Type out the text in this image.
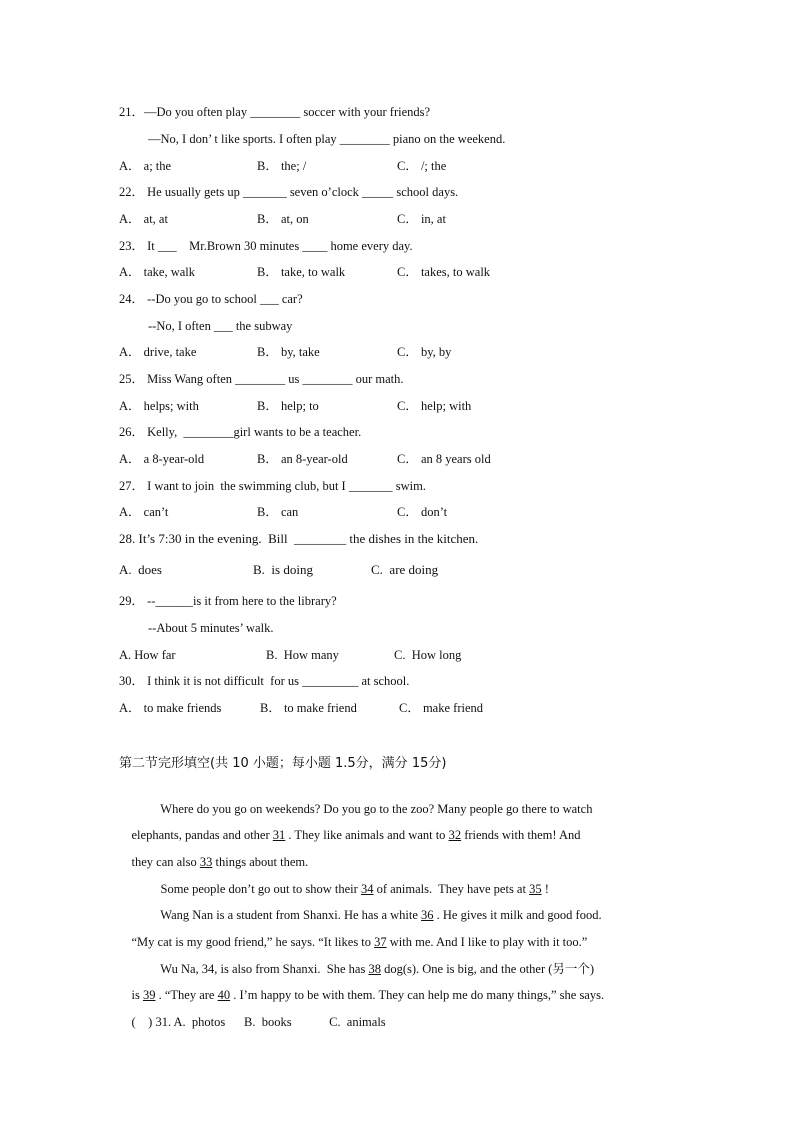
21．—Do you often play ________ soccer with your friends?
—No, I don’ t like sports. I often play ________ piano on the weekend.
A． a; the	B． the; /	C． /; the
22． He usually gets up _______ seven o’clock _____ school days.
A． at, at	B． at, on	C． in, at
23． It ___    Mr.Brown 30 minutes ____ home every day.
A． take, walk	B． take, to walk	C． takes, to walk
24． --Do you go to school ___ car?
--No, I often ___ the subway
A． drive, take	B． by, take	C． by, by
25． Miss Wang often ________ us ________ our math.
A． helps; with	B． help; to	C． help; with
26． Kelly,  ________girl wants to be a teacher.
A． a 8-year-old	B． an 8-year-old	C． an 8 years old
27． I want to join  the swimming club, but I _______ swim.
A． can’t	B． can	C． don’t
28. It’s 7:30 in the evening.  Bill  ________ the dishes in the kitchen.
A.  does	B.  is doing	C.  are doing
29． --______is it from here to the library?
--About 5 minutes’ walk.
A. How far	B.  How many	C.  How long
30． I think it is not difficult  for us _________ at school.
A． to make friends	B． to make friend	C． make friend
第二节完形填空(共 10 小题；每小题 1.5分，满分 15分)

Where do you go on weekends? Do you go to the zoo? Many people go there to watch

elephants, pandas and other 31 . They like animals and want to 32 friends with them! And

they can also 33 things about them.

Some people don’t go out to show their 34 of animals.  They have pets at 35 !

Wang Nan is a student from Shanxi. He has a white 36 . He gives it milk and good food.

“My cat is my good friend,” he says. “It likes to 37 with me. And I like to play with it too.”

Wu Na, 34, is also from Shanxi.  She has 38 dog(s). One is big, and the other (另一个)

is 39 . “They are 40 . I’m happy to be with them. They can help me do many things,” she says.

(    ) 31. A.  photos      B.  books            C.  animals
